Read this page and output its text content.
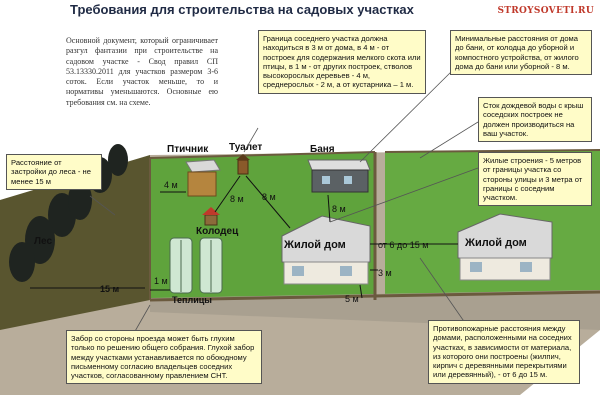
Требования для строительства на садовых участках	STROYSOVETI.RU
Основной документ, который ограничивает разгул фантазии при строительстве на садовом участке - Свод правил СП 53.13330.2011 для участков размером 3-6 соток. Если участок меньше, то и нормативы уменьшаются. Основные ею требования см. на схеме.
Лес
Птичник Туалет	Баня
Колодец
Жилой дом	Жилой дом
Теплицы
15 м
4 м
8 м 8 м
8 м
1 м
от 6 до 15 м
3 м
5 м
Граница соседнего участка должна находиться в 3 м от дома, в 4 м - от построек для содержания мелкого скота или птицы, в 1 м - от других построек, стволов высокорослых деревьев - 4 м, среднерослых - 2 м, а от кустарника – 1 м.
Минимальные расстояния от дома до бани, от колодца до уборной и компостного устройства, от жилого дома до бани или уборной - 8 м.
Сток дождевой воды с крыш соседских построек не должен производиться на ваш участок.
Жилые строения - 5 метров от границы участка со стороны улицы и 3 метра от границы с соседним участком.
Расстояние от застройки до леса - не менее 15 м
Забор со стороны проезда может быть глухим только по решению общего собрания. Глухой забор между участками устанавливается по обоюдному письменному согласию владельцев соседних участков, согласованному правлением СНТ.
Противопожарные расстояния между домами, расположенными на соседних участках, в зависимости от материала, из которого они построены (жилпич, кирпич с деревянными перекрытиями или деревянный), - от 6 до 15 м.
